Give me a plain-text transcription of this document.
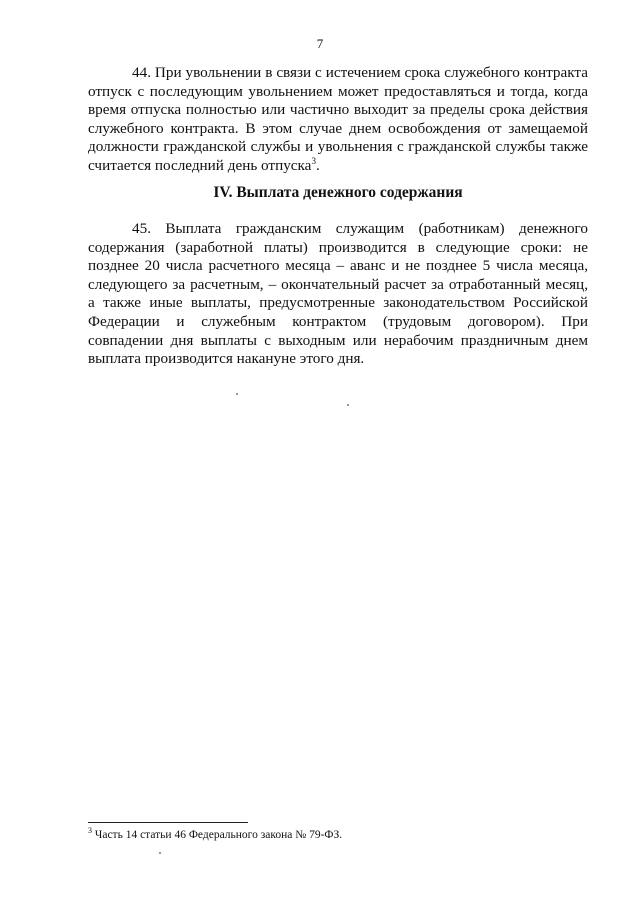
7

44. При увольнении в связи с истечением срока служебного контракта отпуск с последующим увольнением может предоставляться и тогда, когда время отпуска полностью или частично выходит за пределы срока действия служебного контракта. В этом случае днем освобождения от замещаемой должности гражданской службы и увольнения с гражданской службы также считается последний день отпуска$^3$.

IV. Выплата денежного содержания

45. Выплата гражданским служащим (работникам) денежного содержания (заработной платы) производится в следующие сроки: не позднее 20 числа расчетного месяца – аванс и не позднее 5 числа месяца, следующего за расчетным, – окончательный расчет за отработанный месяц, а также иные выплаты, предусмотренные законодательством Российской Федерации и служебным контрактом (трудовым договором). При совпадении дня выплаты с выходным или нерабочим праздничным днем выплата производится накануне этого дня.

$^3$ Часть 14 статьи 46 Федерального закона № 79-ФЗ.
